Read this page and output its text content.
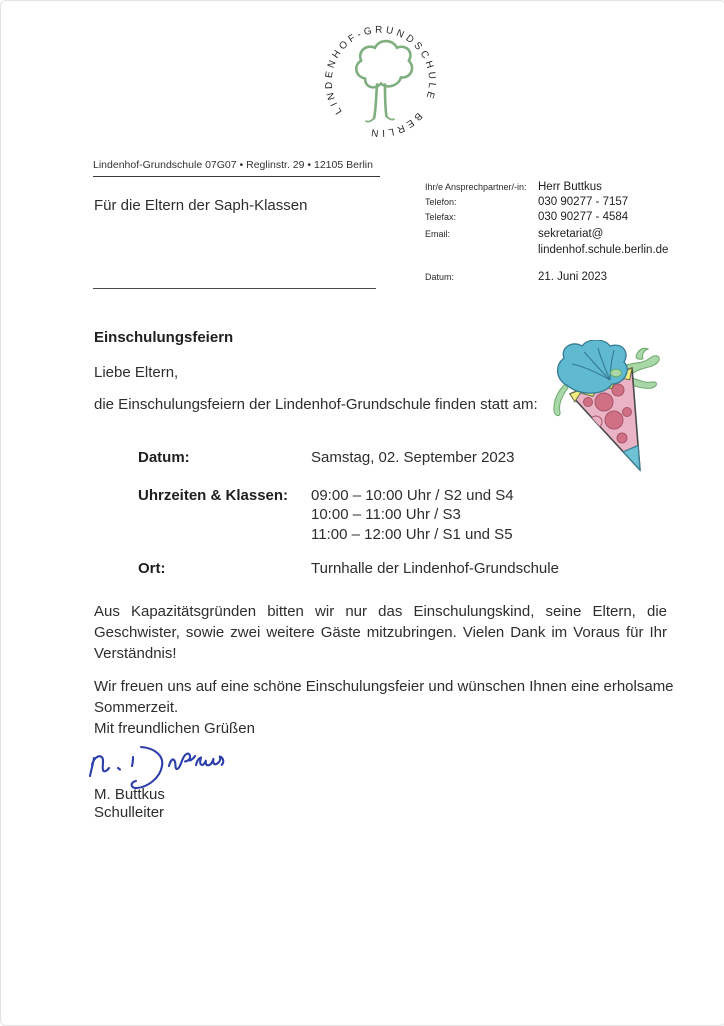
LINDENHOF-GRUNDSCHULE BERLIN
Lindenhof-Grundschule 07G07 • Reglinstr. 29 • 12105 Berlin
Für die Eltern der Saph-Klassen
Ihr/e Ansprechpartner/-in: Herr Buttkus
Telefon:	030 90277 - 7157
Telefax:	030 90277 - 4584
Email:	sekretariat@
lindenhof.schule.berlin.de
Datum:	21. Juni 2023
Einschulungsfeiern
Liebe Eltern,
die Einschulungsfeiern der Lindenhof-Grundschule finden statt am:
Datum:	Samstag, 02. September 2023
Uhrzeiten & Klassen:	09:00 – 10:00 Uhr / S2 und S4
10:00 – 11:00 Uhr / S3
11:00 – 12:00 Uhr / S1 und S5
Ort:	Turnhalle der Lindenhof-Grundschule
Aus Kapazitätsgründen bitten wir nur das Einschulungskind, seine Eltern, die
Geschwister, sowie zwei weitere Gäste mitzubringen. Vielen Dank im Voraus für Ihr
Verständnis!
Wir freuen uns auf eine schöne Einschulungsfeier und wünschen Ihnen eine erholsame
Sommerzeit.
Mit freundlichen Grüßen
M. Buttkus
Schulleiter
